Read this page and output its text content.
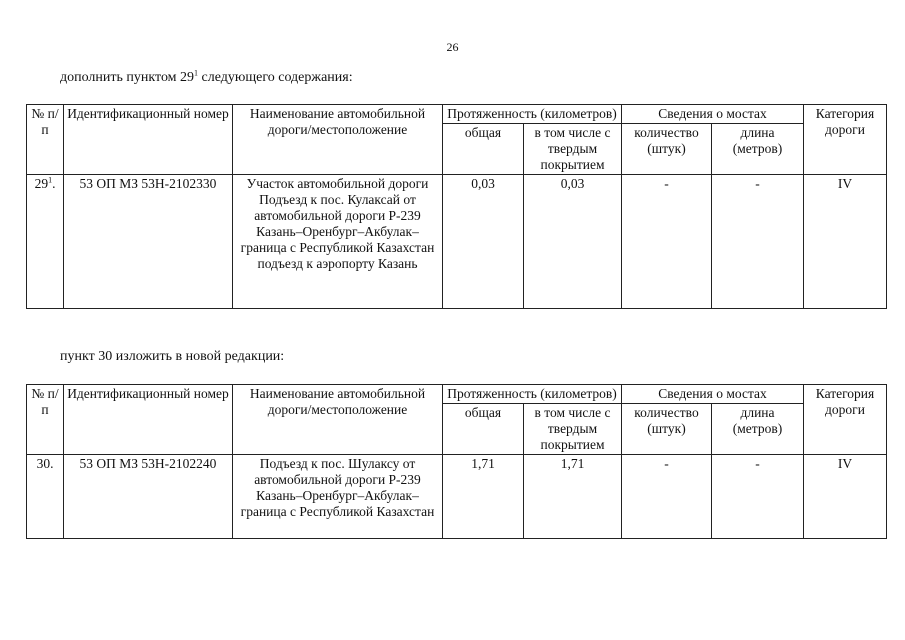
26
дополнить пунктом $29^1$ следующего содержания:
№ п/п	Идентификационный номер	Наименование автомобильной дороги/местоположение	Протяженность (километров)		Сведения о мостах		Категория дороги
			общая	в том числе с твердым покрытием	количество (штук)	длина (метров)	
$29^1$.	53 ОП МЗ 53Н-2102330	Участок автомобильной дороги Подъезд к пос. Кулаксай от автомобильной дороги Р-239 Казань–Оренбург–Акбулак–граница с Республикой Казахстан подъезд к аэропорту Казань	0,03	0,03	-	-	IV
пункт 30 изложить в новой редакции:
№ п/п	Идентификационный номер	Наименование автомобильной дороги/местоположение	Протяженность (километров)		Сведения о мостах		Категория дороги
			общая	в том числе с твердым покрытием	количество (штук)	длина (метров)	
30.	53 ОП МЗ 53Н-2102240	Подъезд к пос. Шулаксу от автомобильной дороги Р-239 Казань–Оренбург–Акбулак–граница с Республикой Казахстан	1,71	1,71	-	-	IV
